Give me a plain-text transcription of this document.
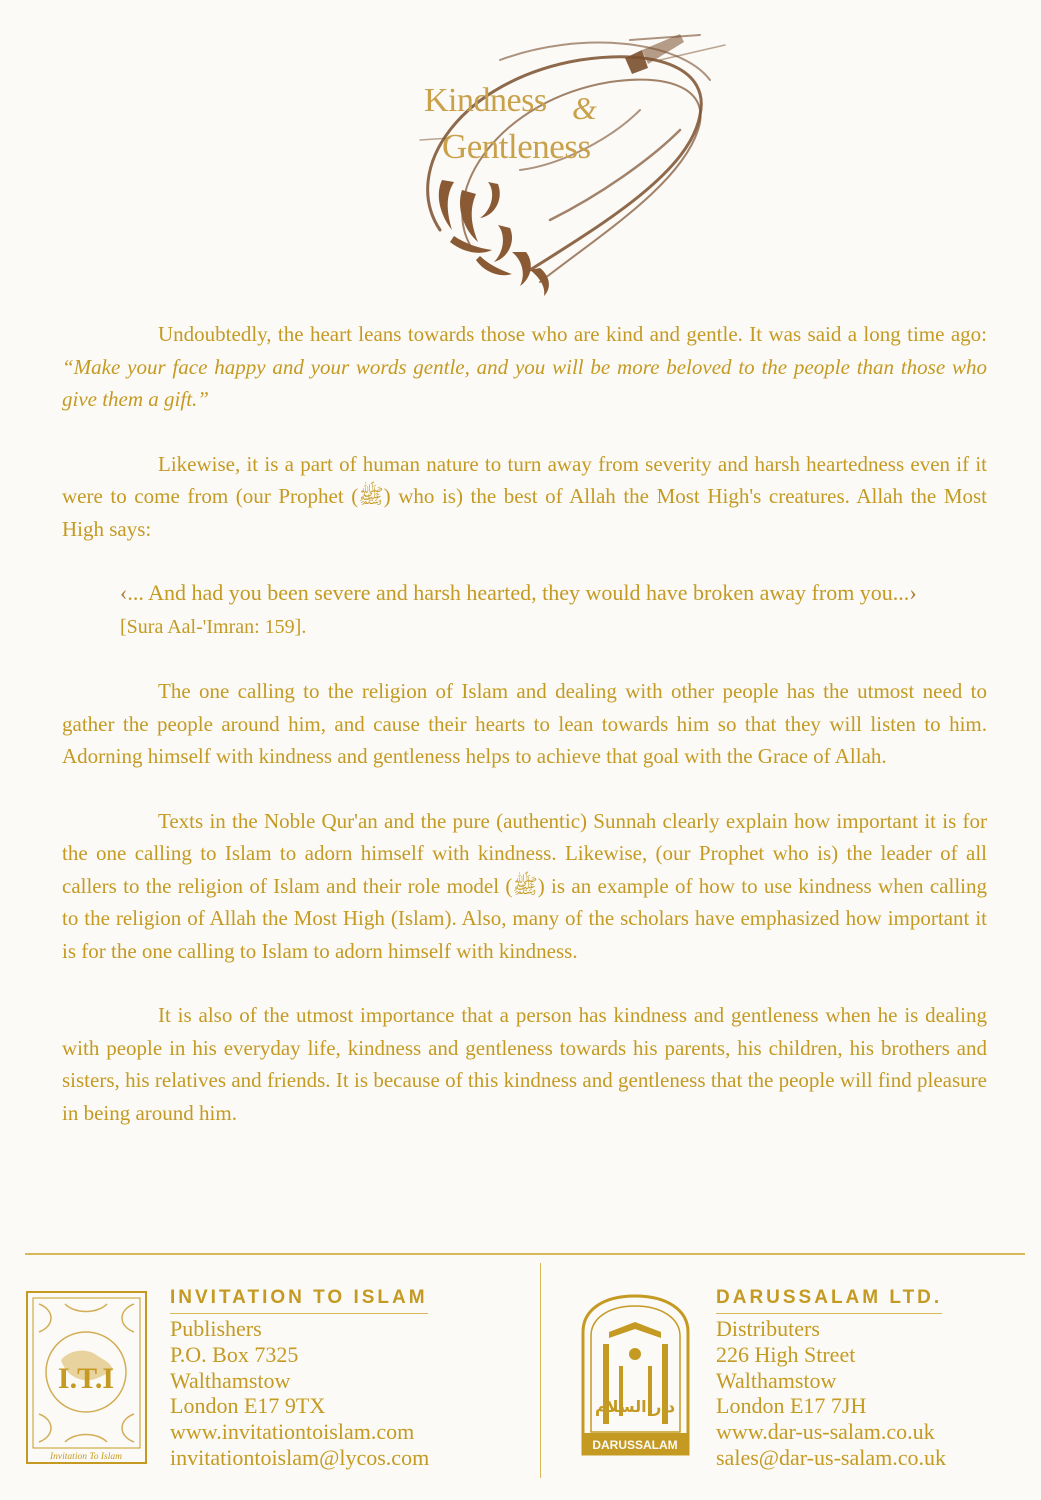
Kindness &
Gentleness

Undoubtedly, the heart leans towards those who are kind and gentle. It was said a long time ago: “Make your face happy and your words gentle, and you will be more beloved to the people than those who give them a gift.”

Likewise, it is a part of human nature to turn away from severity and harsh heartedness even if it were to come from (our Prophet (ﷺ) who is) the best of Allah the Most High's creatures. Allah the Most High says:

‹... And had you been severe and harsh hearted, they would have broken away from you...› [Sura Aal-'Imran: 159].

The one calling to the religion of Islam and dealing with other people has the utmost need to gather the people around him, and cause their hearts to lean towards him so that they will listen to him. Adorning himself with kindness and gentleness helps to achieve that goal with the Grace of Allah.

Texts in the Noble Qur'an and the pure (authentic) Sunnah clearly explain how important it is for the one calling to Islam to adorn himself with kindness. Likewise, (our Prophet who is) the leader of all callers to the religion of Islam and their role model (ﷺ) is an example of how to use kindness when calling to the religion of Allah the Most High (Islam). Also, many of the scholars have emphasized how important it is for the one calling to Islam to adorn himself with kindness.

It is also of the utmost importance that a person has kindness and gentleness when he is dealing with people in his everyday life, kindness and gentleness towards his parents, his children, his brothers and sisters, his relatives and friends. It is because of this kindness and gentleness that the people will find pleasure in being around him.

I.T.I
Invitation To Islam
INVITATION TO ISLAM
Publishers
P.O. Box 7325
Walthamstow
London E17 9TX
www.invitationtoislam.com
invitationtoislam@lycos.com
دار السلام
DARUSSALAM
DARUSSALAM LTD.
Distributers
226 High Street
Walthamstow
London E17 7JH
www.dar-us-salam.co.uk
sales@dar-us-salam.co.uk
